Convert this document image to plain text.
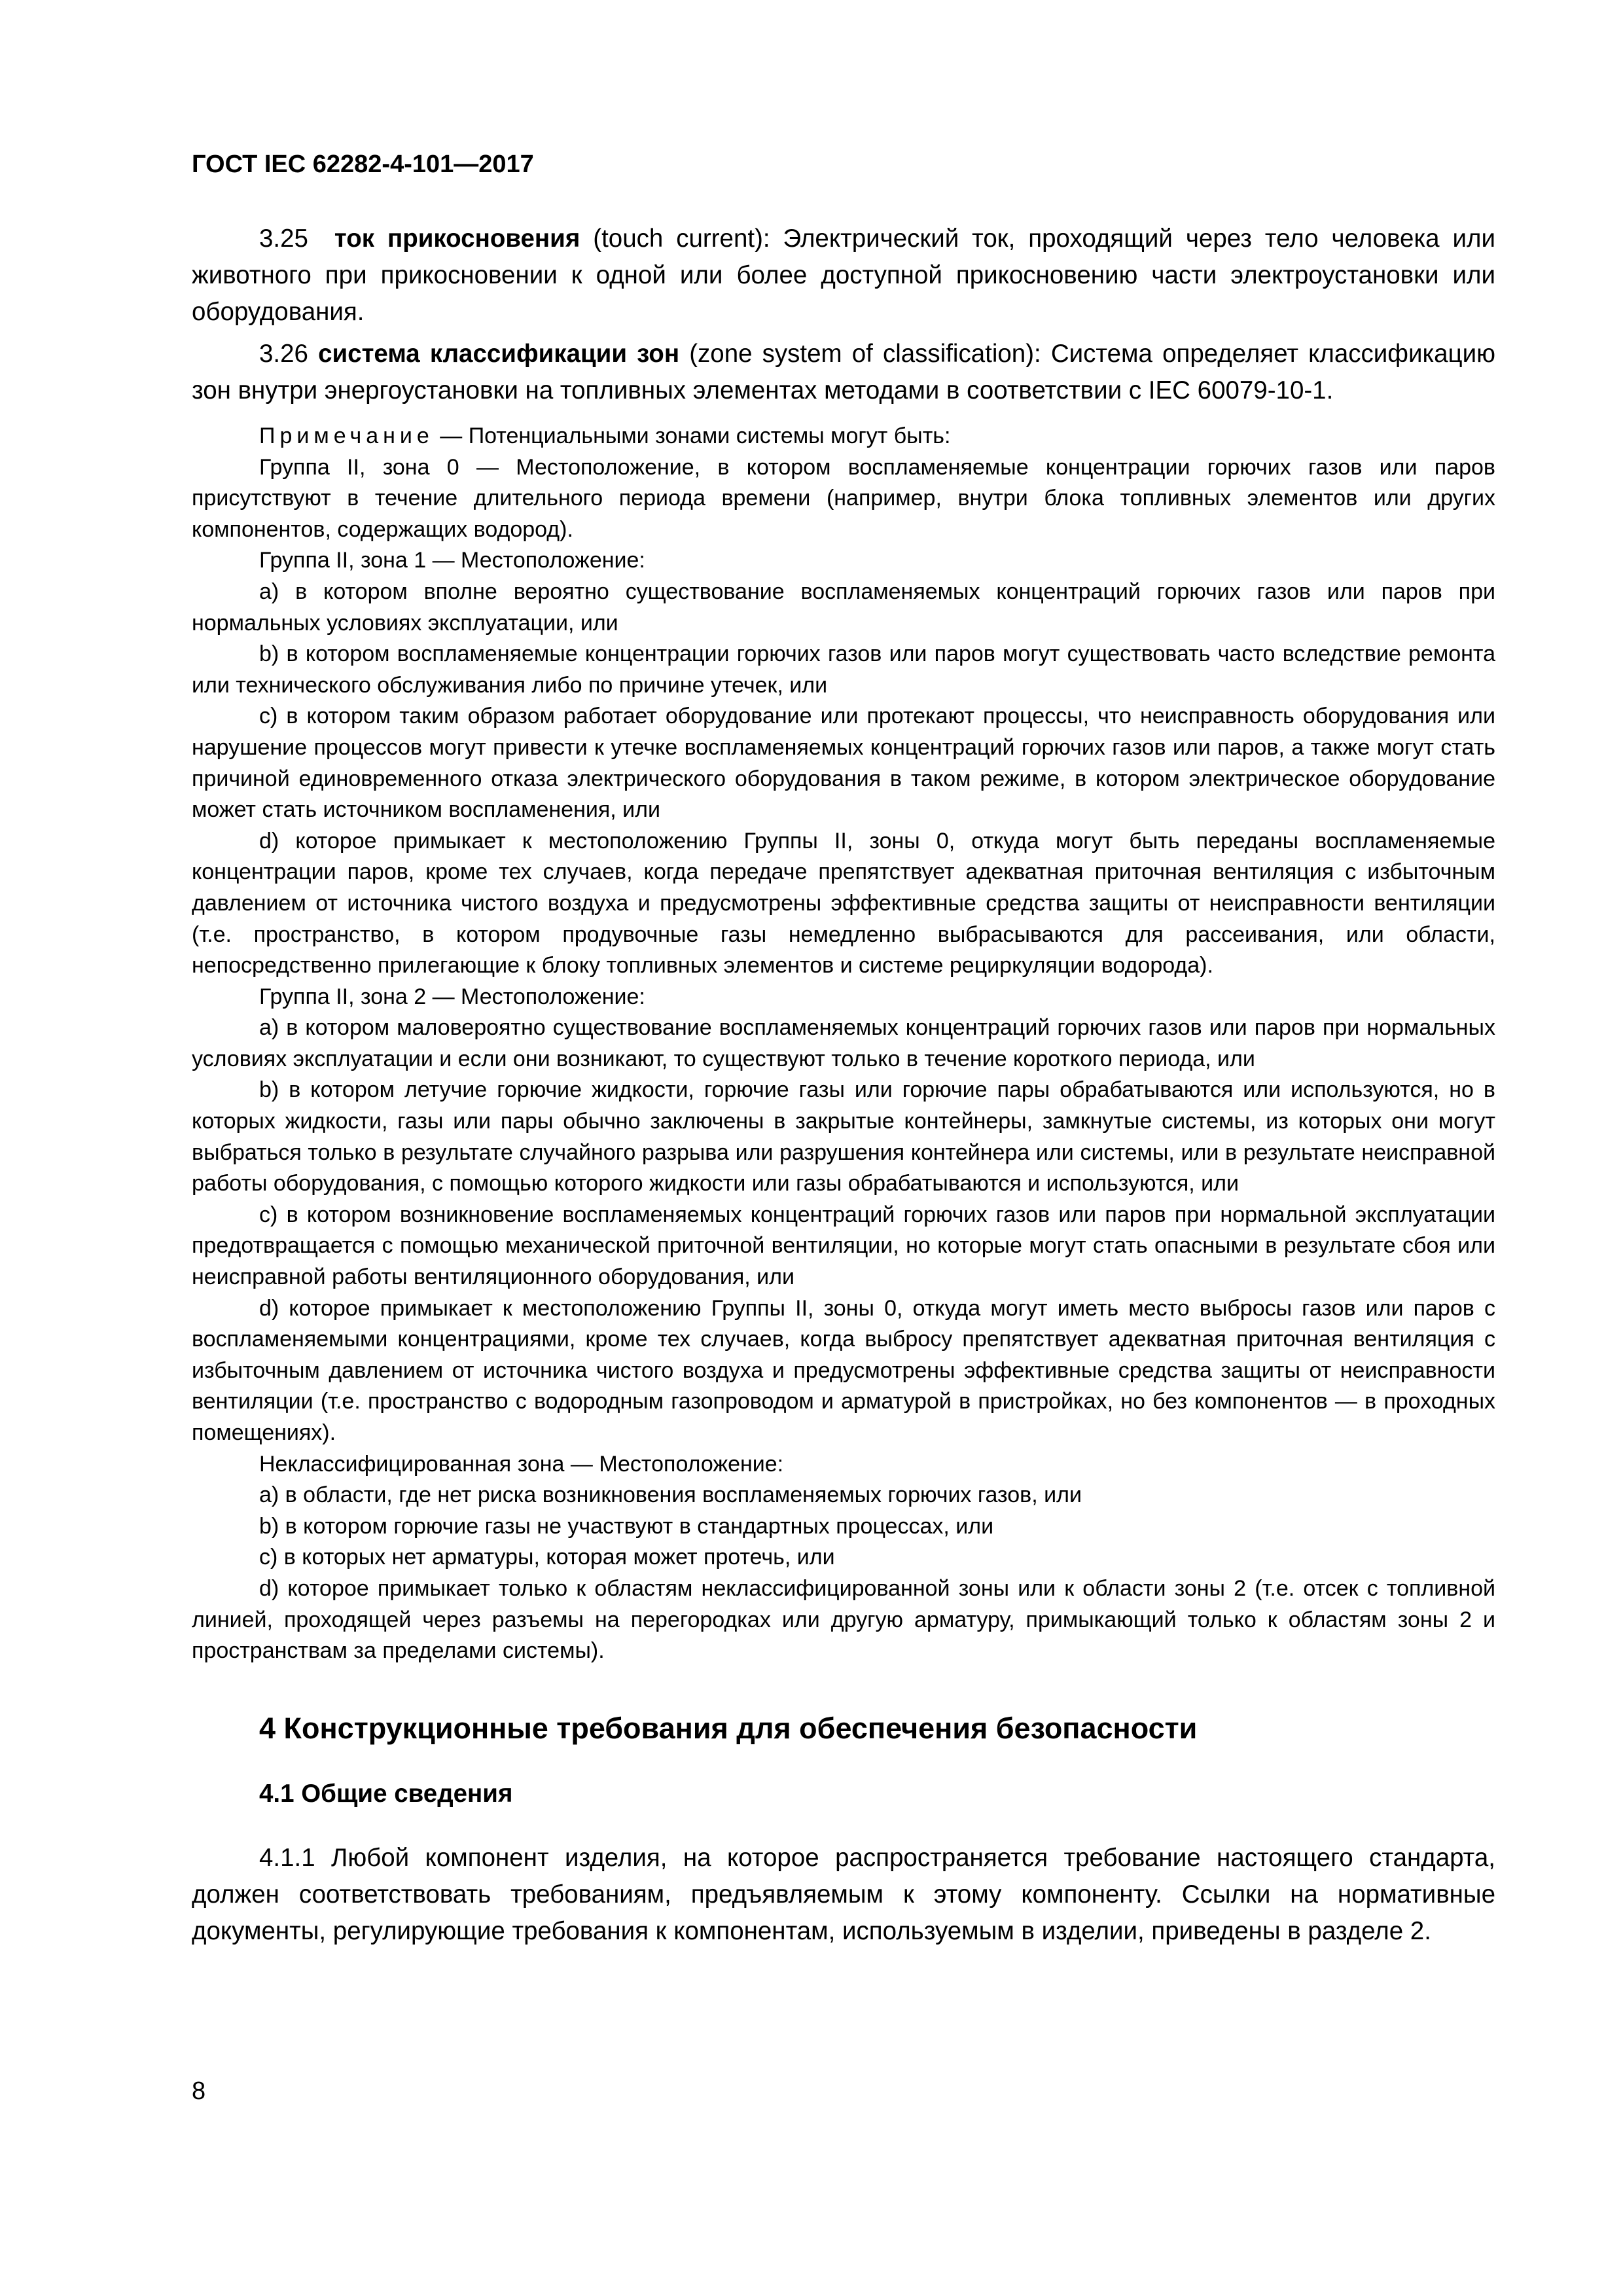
ГОСТ IEC 62282-4-101—2017

3.25 ток прикосновения (touch current): Электрический ток, проходящий через тело человека или животного при прикосновении к одной или более доступной прикосновению части электроустановки или оборудования.

3.26 система классификации зон (zone system of classification): Система определяет классификацию зон внутри энергоустановки на топливных элементах методами в соответствии с IEC 60079-10-1.

Примечание — Потенциальными зонами системы могут быть:

Группа II, зона 0 — Местоположение, в котором воспламеняемые концентрации горючих газов или паров присутствуют в течение длительного периода времени (например, внутри блока топливных элементов или других компонентов, содержащих водород).

Группа II, зона 1 — Местоположение:

a) в котором вполне вероятно существование воспламеняемых концентраций горючих газов или паров при нормальных условиях эксплуатации, или

b) в котором воспламеняемые концентрации горючих газов или паров могут существовать часто вследствие ремонта или технического обслуживания либо по причине утечек, или

c) в котором таким образом работает оборудование или протекают процессы, что неисправность оборудования или нарушение процессов могут привести к утечке воспламеняемых концентраций горючих газов или паров, а также могут стать причиной единовременного отказа электрического оборудования в таком режиме, в котором электрическое оборудование может стать источником воспламенения, или

d) которое примыкает к местоположению Группы II, зоны 0, откуда могут быть переданы воспламеняемые концентрации паров, кроме тех случаев, когда передаче препятствует адекватная приточная вентиляция с избыточным давлением от источника чистого воздуха и предусмотрены эффективные средства защиты от неисправности вентиляции (т.е. пространство, в котором продувочные газы немедленно выбрасываются для рассеивания, или области, непосредственно прилегающие к блоку топливных элементов и системе рециркуляции водорода).

Группа II, зона 2 — Местоположение:

a) в котором маловероятно существование воспламеняемых концентраций горючих газов или паров при нормальных условиях эксплуатации и если они возникают, то существуют только в течение короткого периода, или

b) в котором летучие горючие жидкости, горючие газы или горючие пары обрабатываются или используются, но в которых жидкости, газы или пары обычно заключены в закрытые контейнеры, замкнутые системы, из которых они могут выбраться только в результате случайного разрыва или разрушения контейнера или системы, или в результате неисправной работы оборудования, с помощью которого жидкости или газы обрабатываются и используются, или

c) в котором возникновение воспламеняемых концентраций горючих газов или паров при нормальной эксплуатации предотвращается с помощью механической приточной вентиляции, но которые могут стать опасными в результате сбоя или неисправной работы вентиляционного оборудования, или

d) которое примыкает к местоположению Группы II, зоны 0, откуда могут иметь место выбросы газов или паров с воспламеняемыми концентрациями, кроме тех случаев, когда выбросу препятствует адекватная приточная вентиляция с избыточным давлением от источника чистого воздуха и предусмотрены эффективные средства защиты от неисправности вентиляции (т.е. пространство с водородным газопроводом и арматурой в пристройках, но без компонентов — в проходных помещениях).

Неклассифицированная зона — Местоположение:

a) в области, где нет риска возникновения воспламеняемых горючих газов, или

b) в котором горючие газы не участвуют в стандартных процессах, или

c) в которых нет арматуры, которая может протечь, или

d) которое примыкает только к областям неклассифицированной зоны или к области зоны 2 (т.е. отсек с топливной линией, проходящей через разъемы на перегородках или другую арматуру, примыкающий только к областям зоны 2 и пространствам за пределами системы).

4 Конструкционные требования для обеспечения безопасности
4.1 Общие сведения

4.1.1 Любой компонент изделия, на которое распространяется требование настоящего стандарта, должен соответствовать требованиям, предъявляемым к этому компоненту. Ссылки на нормативные документы, регулирующие требования к компонентам, используемым в изделии, приведены в разделе 2.

8
